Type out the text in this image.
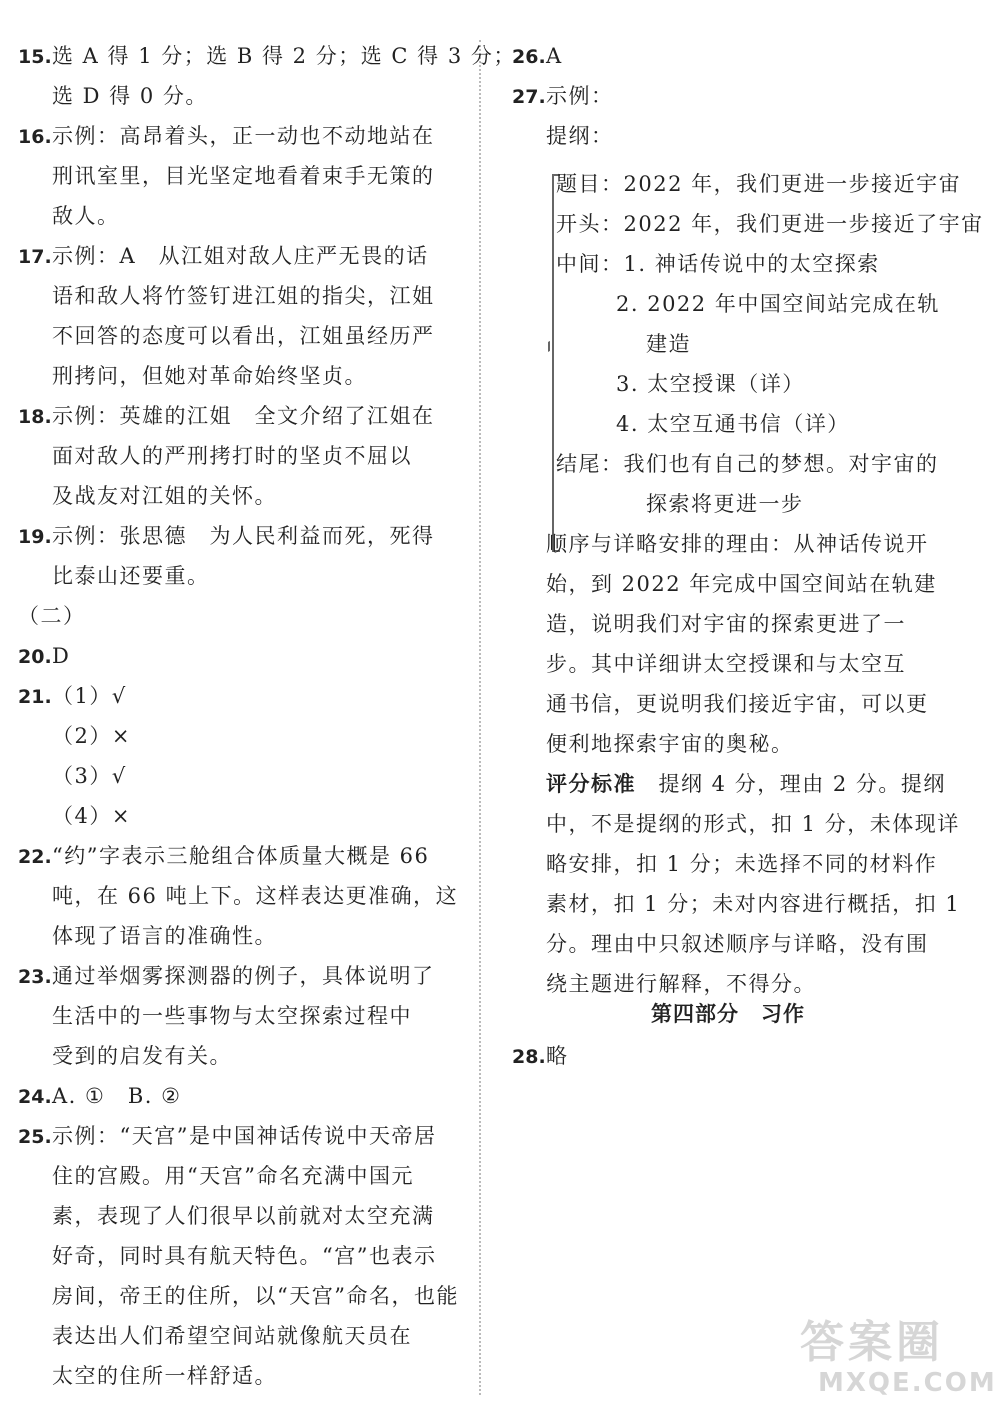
15.选 A 得 1 分；选 B 得 2 分；选 C 得 3 分；
选 D 得 0 分。
16.示例：高昂着头，正一动也不动地站在
刑讯室里，目光坚定地看着束手无策的
敌人。
17.示例：A　从江姐对敌人庄严无畏的话
语和敌人将竹签钉进江姐的指尖，江姐
不回答的态度可以看出，江姐虽经历严
刑拷问，但她对革命始终坚贞。
18.示例：英雄的江姐　全文介绍了江姐在
面对敌人的严刑拷打时的坚贞不屈以
及战友对江姐的关怀。
19.示例：张思德　为人民利益而死，死得
比泰山还要重。
（二）
20.D
21.（1）√
（2）×
（3）√
（4）×
22.“约”字表示三舱组合体质量大概是 66
吨，在 66 吨上下。这样表达更准确，这
体现了语言的准确性。
23.通过举烟雾探测器的例子，具体说明了
生活中的一些事物与太空探索过程中
受到的启发有关。
24.A. ①　B. ②
25.示例：“天宫”是中国神话传说中天帝居
住的宫殿。用“天宫”命名充满中国元
素，表现了人们很早以前就对太空充满
好奇，同时具有航天特色。“宫”也表示
房间，帝王的住所，以“天宫”命名，也能
表达出人们希望空间站就像航天员在
太空的住所一样舒适。
26.A
27.示例：
提纲：
题目：2022 年，我们更进一步接近宇宙
开头：2022 年，我们更进一步接近了宇宙
中间：1. 神话传说中的太空探索
2. 2022 年中国空间站完成在轨
建造
3. 太空授课（详）
4. 太空互通书信（详）
结尾：我们也有自己的梦想。对宇宙的
探索将更进一步
顺序与详略安排的理由：从神话传说开
始，到 2022 年完成中国空间站在轨建
造，说明我们对宇宙的探索更进了一
步。其中详细讲太空授课和与太空互
通书信，更说明我们接近宇宙，可以更
便利地探索宇宙的奥秘。
评分标准　 提纲 4 分，理由 2 分。提纲
中，不是提纲的形式，扣 1 分，未体现详
略安排，扣 1 分；未选择不同的材料作
素材，扣 1 分；未对内容进行概括，扣 1
分。理由中只叙述顺序与详略，没有围
绕主题进行解释，不得分。
第四部分　习作
28.略
答案圈
MXQE.COM
